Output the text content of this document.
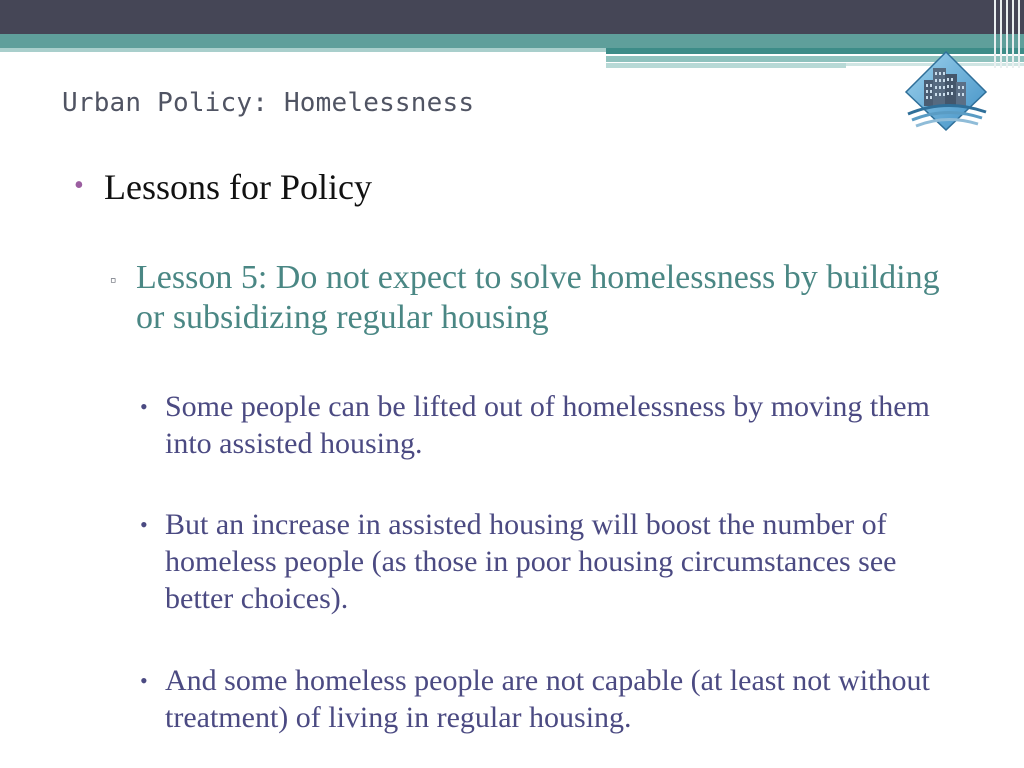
Urban Policy: Homelessness
• Lessons for Policy
▫ Lesson 5: Do not expect to solve homelessness by building or subsidizing regular housing
• Some people can be lifted out of homelessness by moving them into assisted housing.
• But an increase in assisted housing will boost the number of homeless people (as those in poor housing circumstances see better choices).
• And some homeless people are not capable (at least not without treatment) of living in regular housing.
